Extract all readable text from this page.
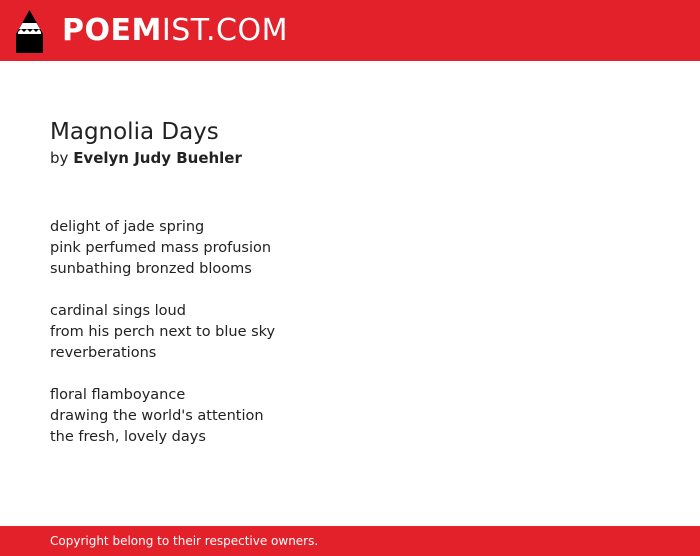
POEMIST.COM
Magnolia Days
by Evelyn Judy Buehler
delight of jade spring
pink perfumed mass profusion
sunbathing bronzed blooms
cardinal sings loud
from his perch next to blue sky
reverberations
floral flamboyance
drawing the world's attention
the fresh, lovely days
Copyright belong to their respective owners.
